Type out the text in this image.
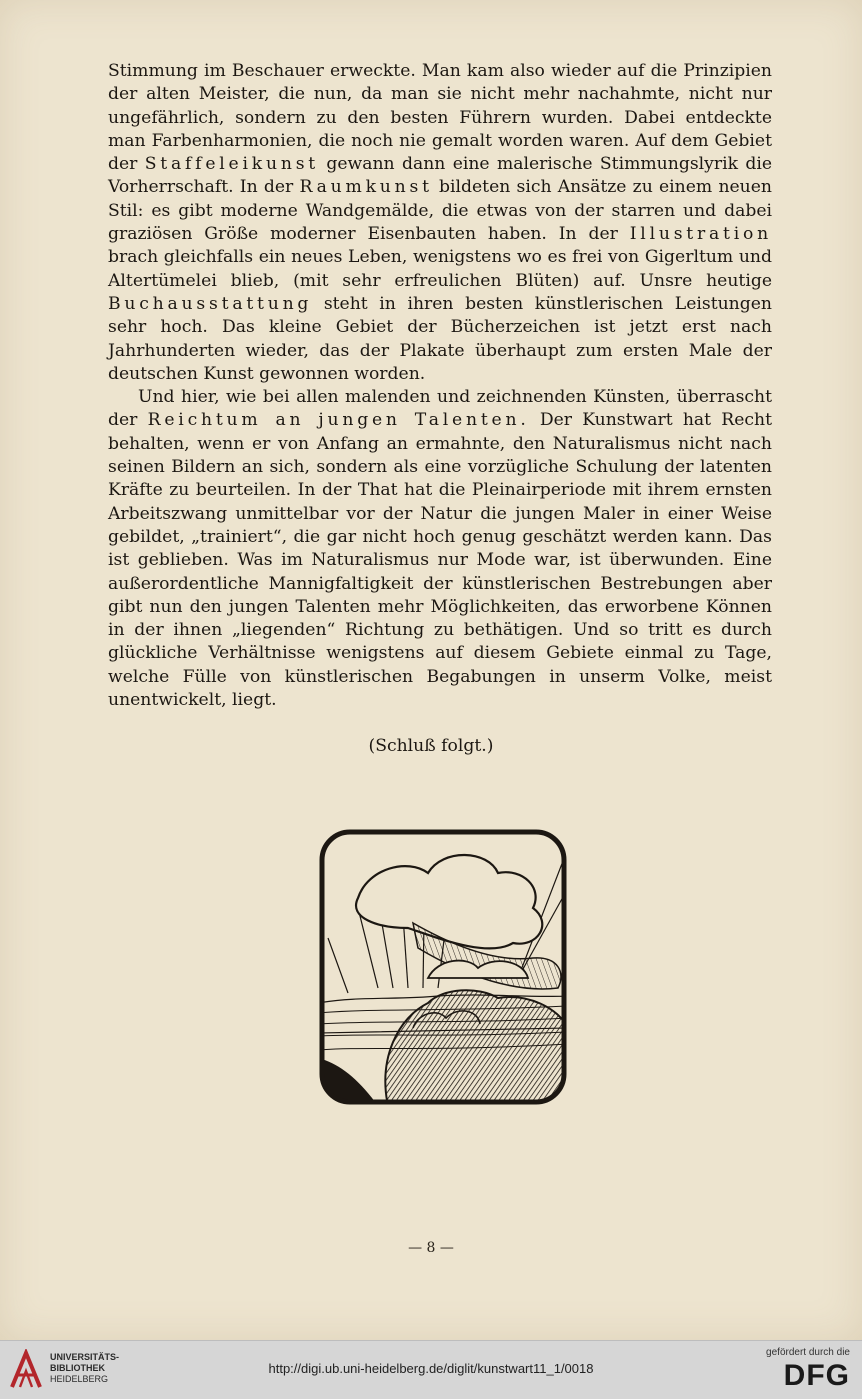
Stimmung im Beschauer erweckte. Man kam also wieder auf die Prinzipien der alten Meister, die nun, da man sie nicht mehr nachahmte, nicht nur ungefährlich, sondern zu den besten Führern wurden. Dabei entdeckte man Farbenharmonien, die noch nie gemalt worden waren. Auf dem Gebiet der Staffeleikunst gewann dann eine malerische Stimmungslyrik die Vorherrschaft. In der Raumkunst bildeten sich Ansätze zu einem neuen Stil: es gibt moderne Wandgemälde, die etwas von der starren und dabei graziösen Größe moderner Eisenbauten haben. In der Illustration brach gleichfalls ein neues Leben, wenigstens wo es frei von Gigerltum und Altertümelei blieb, (mit sehr erfreulichen Blüten) auf. Unsre heutige Buchausstattung steht in ihren besten künstlerischen Leistungen sehr hoch. Das kleine Gebiet der Bücherzeichen ist jetzt erst nach Jahrhunderten wieder, das der Plakate überhaupt zum ersten Male der deutschen Kunst gewonnen worden.

Und hier, wie bei allen malenden und zeichnenden Künsten, überrascht der Reichtum an jungen Talenten. Der Kunstwart hat Recht behalten, wenn er von Anfang an ermahnte, den Naturalismus nicht nach seinen Bildern an sich, sondern als eine vorzügliche Schulung der latenten Kräfte zu beurteilen. In der That hat die Pleinairperiode mit ihrem ernsten Arbeitszwang unmittelbar vor der Natur die jungen Maler in einer Weise gebildet, „trainiert“, die gar nicht hoch genug geschätzt werden kann. Das ist geblieben. Was im Naturalismus nur Mode war, ist überwunden. Eine außerordentliche Mannigfaltigkeit der künstlerischen Bestrebungen aber gibt nun den jungen Talenten mehr Möglichkeiten, das erworbene Können in der ihnen „liegenden“ Richtung zu bethätigen. Und so tritt es durch glückliche Verhältnisse wenigstens auf diesem Gebiete einmal zu Tage, welche Fülle von künstlerischen Begabungen in unserm Volke, meist unentwickelt, liegt.

(Schluß folgt.)
— 8 —
UNIVERSITÄTS-
BIBLIOTHEK
HEIDELBERG
http://digi.ub.uni-heidelberg.de/diglit/kunstwart11_1/0018
gefördert durch die
DFG
